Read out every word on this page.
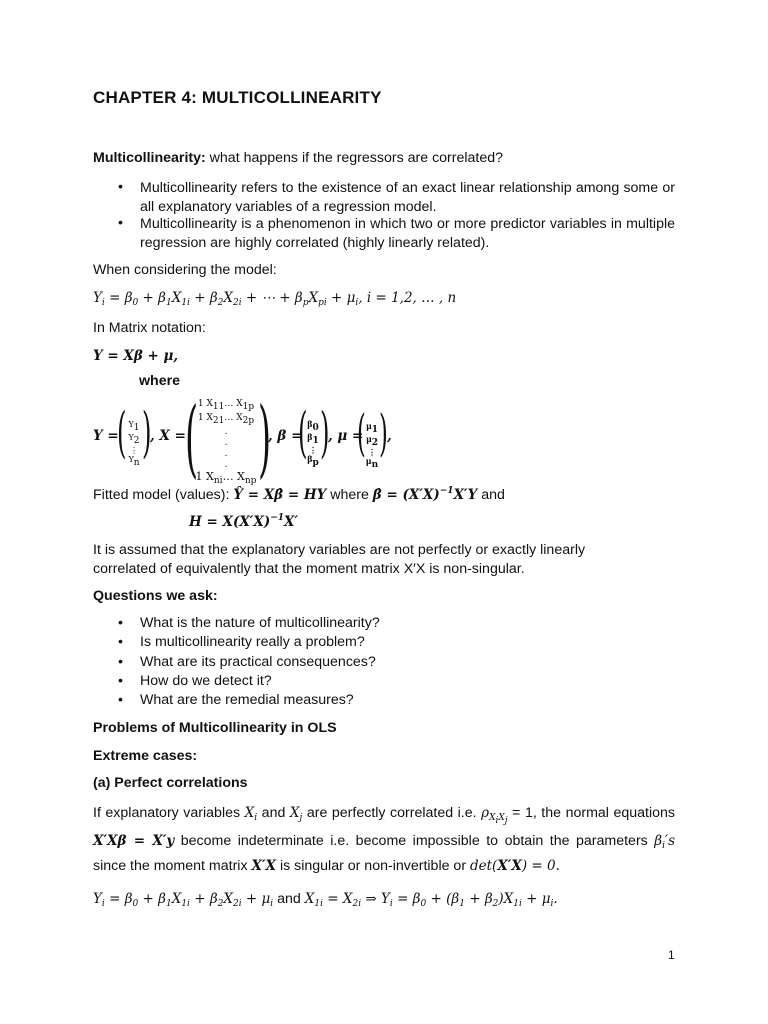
CHAPTER 4: MULTICOLLINEARITY
Multicollinearity: what happens if the regressors are correlated?
• Multicollinearity refers to the existence of an exact linear relationship among some or all explanatory variables of a regression model.
• Multicollinearity is a phenomenon in which two or more predictor variables in multiple regression are highly correlated (highly linearly related).
When considering the model:
$Y_i = \beta_0 + \beta_1X_{1i} + \beta_2X_{2i}$ + ⋯ + $\beta_pX_{pi} + \mu_i$, i = 1,2, … , n
In Matrix notation:
Y = Xβ + μ,
where
Y =
( $Y_1$
$Y_2$
⋮
$Y_n$ )
, X = ( 1 $X_{11}\dots$ $X_{1p}$
1 $X_{21}\dots$ $X_{2p}$
.
.
.
.
1 $X_{ni}\dots$ $X_{np}$ )
, β =
( $\beta_0$
$\beta_1$
⋮
$\beta_p$ )
, μ =
( $\mu_1$
$\mu_2$
⋮
$\mu_n$
) ,
Fitted model (values): Ŷ = Xβ̂ = HY where β̂ = $(X'X)^{-1}X'Y$ and
$H = X(X'X)^{-1}X'$
It is assumed that the explanatory variables are not perfectly or exactly linearly correlated of equivalently that the moment matrix X′X is non-singular.
Questions we ask:
• What is the nature of multicollinearity?
• Is multicollinearity really a problem?
• What are its practical consequences?
• How do we detect it?
• What are the remedial measures?
Problems of Multicollinearity in OLS
Extreme cases:
(a) Perfect correlations
If explanatory variables $X_i$ and $X_j$ are perfectly correlated i.e. $\rho_{X_iX_j} = 1$, the normal equations X′Xβ = X′y become indeterminate i.e. become impossible to obtain the parameters $\beta_i's$ since the moment matrix X′X is singular or non-invertible or det(X′X) = 0.
$Y_i = \beta_0 + \beta_1X_{1i} + \beta_2X_{2i} + \mu_i$ and $X_{1i} = X_{2i}$ ⇒ $Y_i = \beta_0 + (\beta_1 + \beta_2)X_{1i} + \mu_i$.
1
